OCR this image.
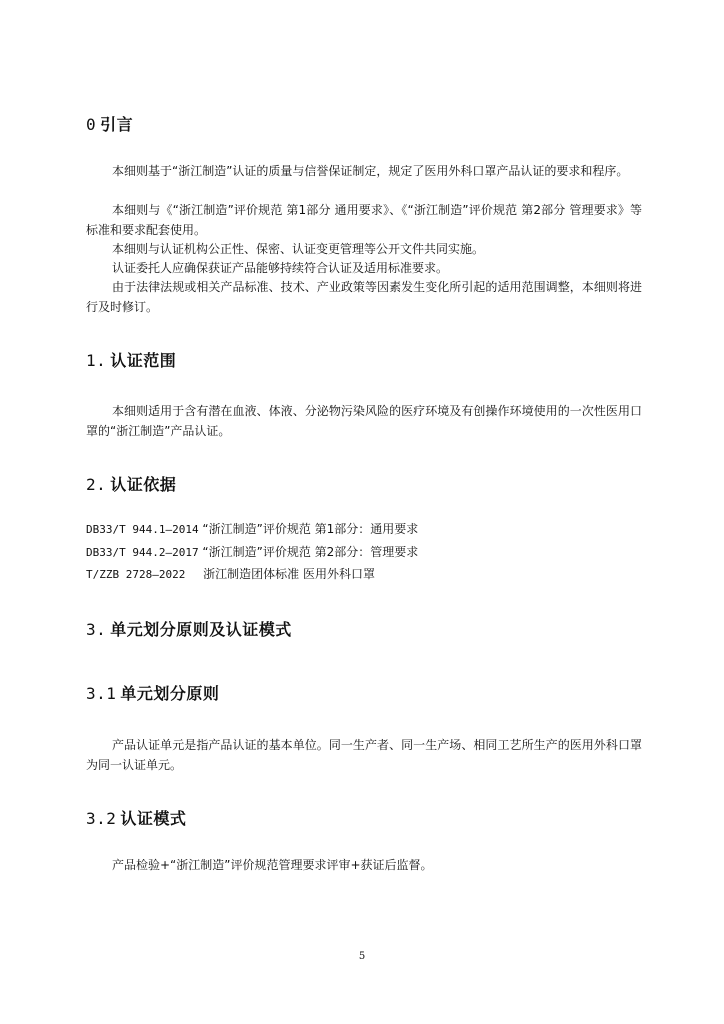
0 引言

本细则基于“浙江制造”认证的质量与信誉保证制定，规定了医用外科口罩产品认证的要求和程序。

本细则与《“浙江制造”评价规范 第1部分 通用要求》、《“浙江制造”评价规范 第2部分 管理要求》等标准和要求配套使用。

本细则与认证机构公正性、保密、认证变更管理等公开文件共同实施。

认证委托人应确保获证产品能够持续符合认证及适用标准要求。

由于法律法规或相关产品标准、技术、产业政策等因素发生变化所引起的适用范围调整，本细则将进行及时修订。

1. 认证范围

本细则适用于含有潜在血液、体液、分泌物污染风险的医疗环境及有创操作环境使用的一次性医用口罩的“浙江制造”产品认证。

2. 认证依据
DB33/T 944.1—2014 “浙江制造”评价规范 第1部分：通用要求
DB33/T 944.2—2017 “浙江制造”评价规范 第2部分：管理要求
T/ZZB 2728—2022 浙江制造团体标准 医用外科口罩
3. 单元划分原则及认证模式
3.1 单元划分原则

产品认证单元是指产品认证的基本单位。同一生产者、同一生产场、相同工艺所生产的医用外科口罩为同一认证单元。

3.2 认证模式

产品检验+“浙江制造”评价规范管理要求评审+获证后监督。

5
